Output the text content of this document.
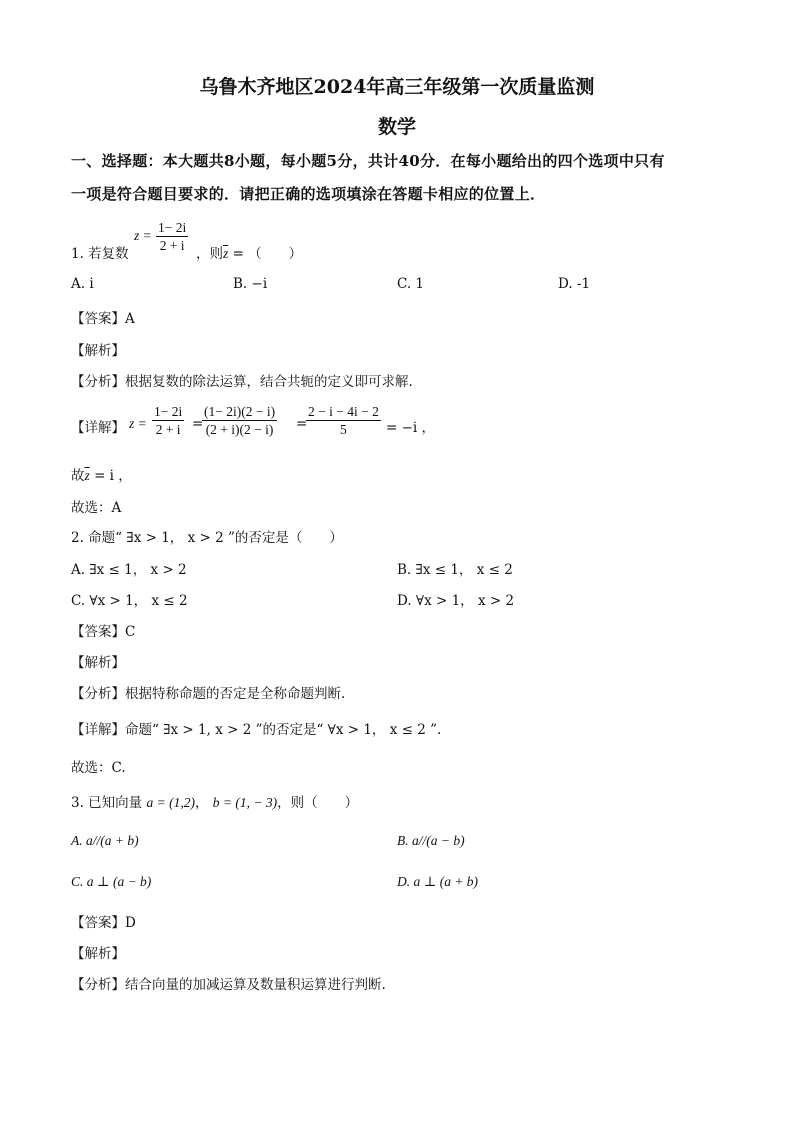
乌鲁木齐地区2024年高三年级第一次质量监测
数学
一、选择题：本大题共8小题，每小题5分，共计40分．在每小题给出的四个选项中只有
一项是符合题目要求的．请把正确的选项填涂在答题卡相应的位置上．
1. 若复数
$z = \frac{1- 2i}{2 + i}$ ，则$\overline{z}$ = （　　）
A. i	B. −i	C. 1	D. -1
【答案】A
【解析】
【分析】根据复数的除法运算，结合共轭的定义即可求解.
【详解】 $z = \frac{1- 2i}{2 + i}$ =
$\frac{(1- 2i)(2 - i)}{(2 + i)(2 - i)}$ =
$\frac{2 - i - 4i - 2}{5} = -i$ ，
故$\overline{z} = i$ ，
故选：A
2. 命题“ ∃x > 1， x > 2 ”的否定是（　　）
A. ∃x ≤ 1， x > 2	B. ∃x ≤ 1， x ≤ 2
C. ∀x > 1， x ≤ 2	D. ∀x > 1， x > 2
【答案】C
【解析】
【分析】根据特称命题的否定是全称命题判断.
【详解】命题“ ∃x > 1, x > 2 ”的否定是“ ∀x > 1， x ≤ 2 ”.
故选：C.
3. 已知向量 a = (1,2)， b = (1, − 3)，则（　　）
A. a//(a + b)	B. a//(a − b)
C. a ⊥ (a − b)	D. a ⊥ (a + b)
【答案】D
【解析】
【分析】结合向量的加减运算及数量积运算进行判断.
